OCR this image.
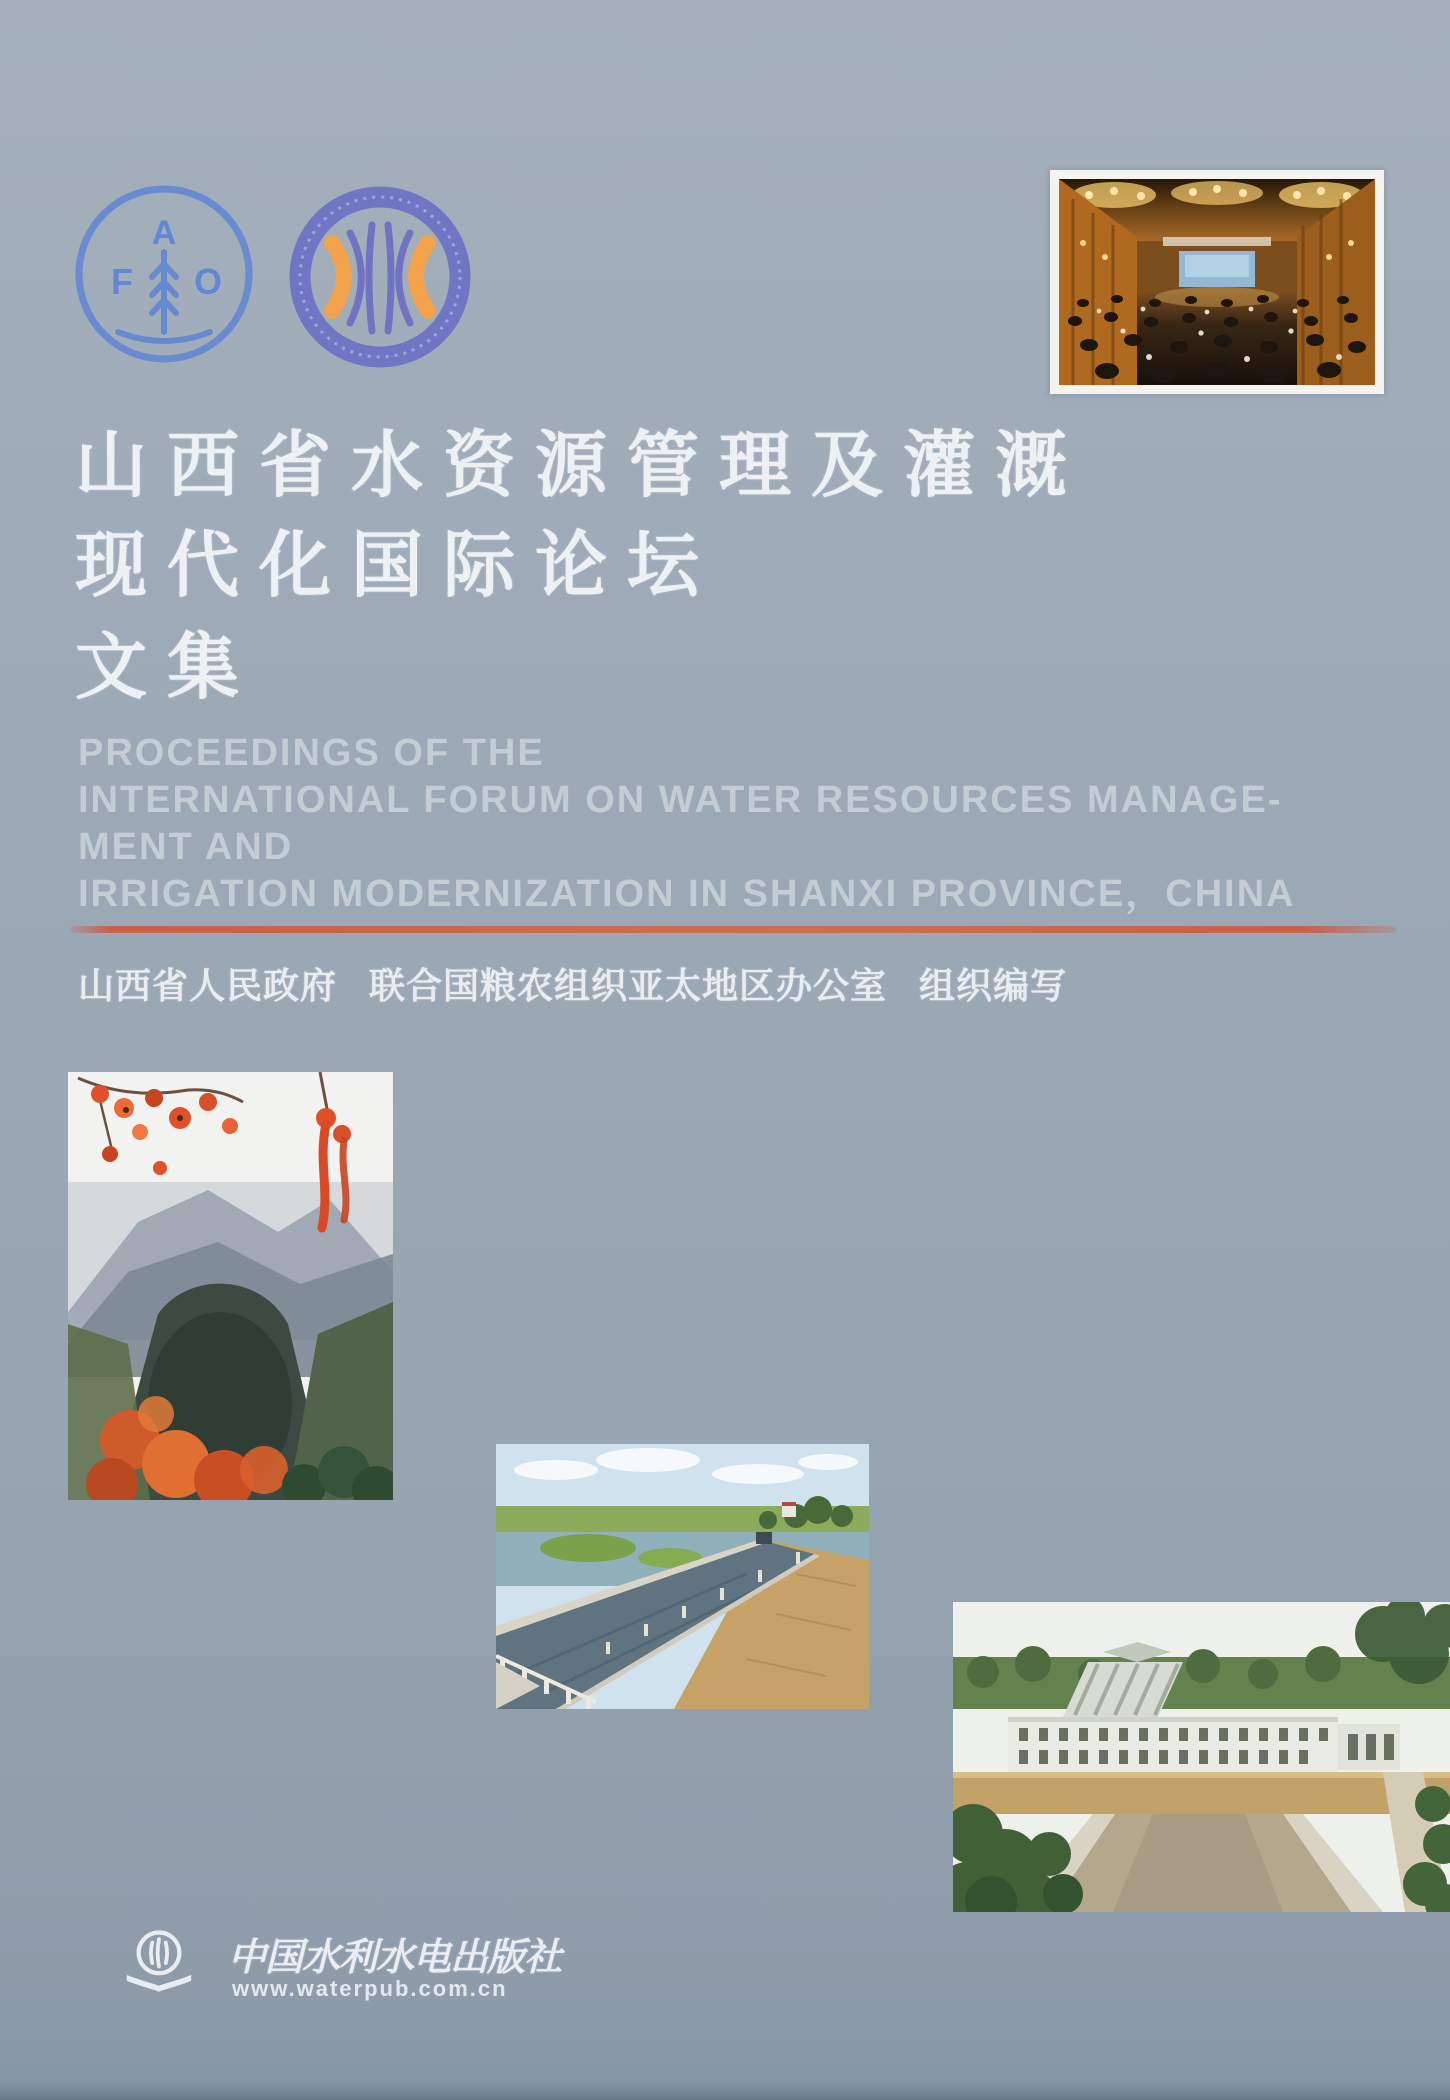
A
F O
山西省水资源管理及灌溉
现代化国际论坛
文集
PROCEEDINGS OF THE
INTERNATIONAL FORUM ON WATER RESOURCES MANAGE-
MENT AND
IRRIGATION MODERNIZATION IN SHANXI PROVINCE，CHINA
山西省人民政府 联合国粮农组织亚太地区办公室 组织编写
中国水利水电出版社
www.waterpub.com.cn
